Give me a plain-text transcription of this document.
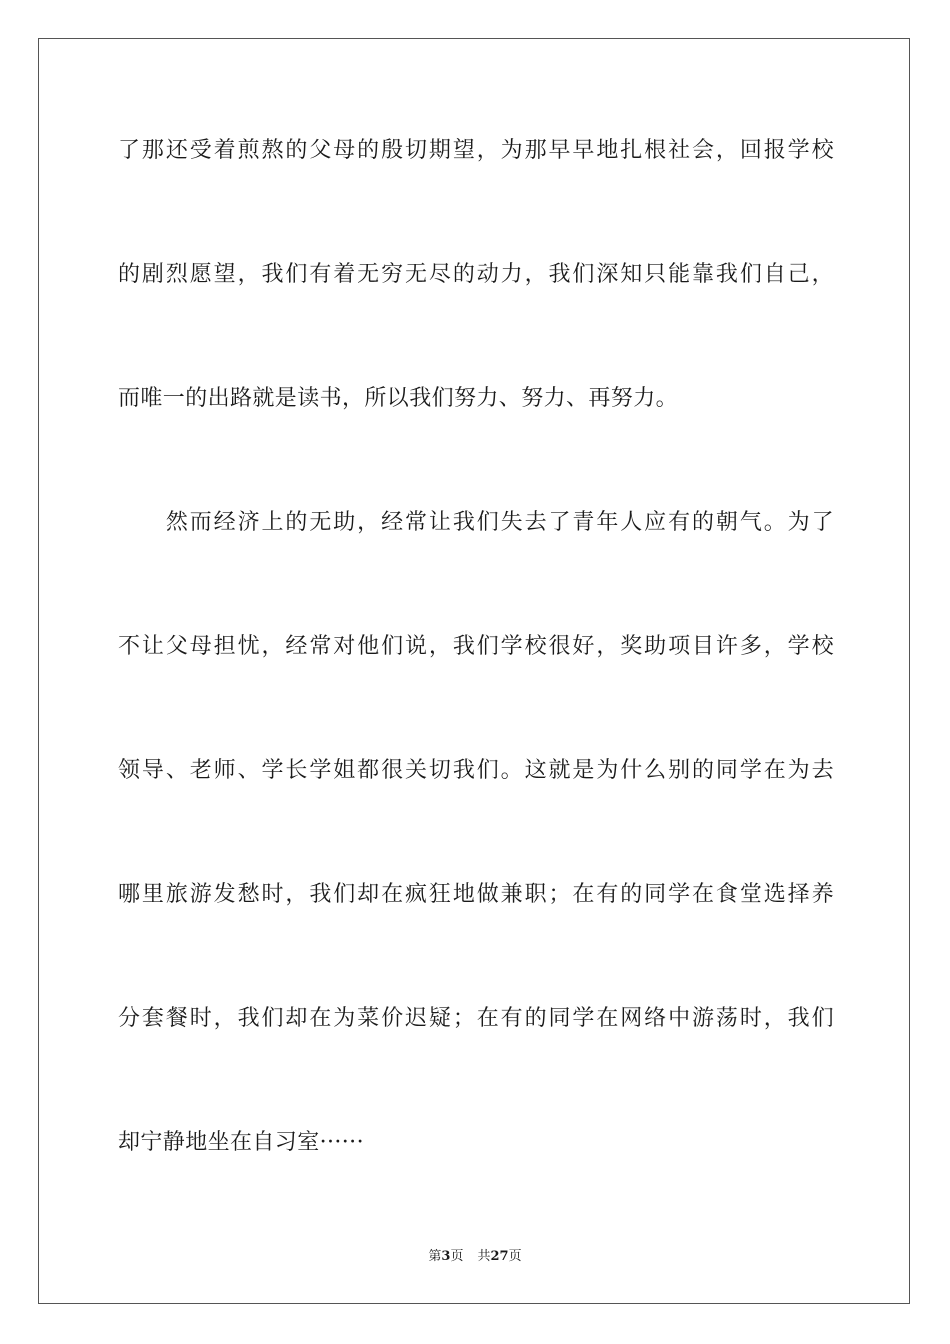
了那还受着煎熬的父母的殷切期望，为那早早地扎根社会，回报学校
的剧烈愿望，我们有着无穷无尽的动力，我们深知只能靠我们自己，
而唯一的出路就是读书，所以我们努力、努力、再努力。
　　然而经济上的无助，经常让我们失去了青年人应有的朝气。为了
不让父母担忧，经常对他们说，我们学校很好，奖助项目许多，学校
领导、老师、学长学姐都很关切我们。这就是为什么别的同学在为去
哪里旅游发愁时，我们却在疯狂地做兼职；在有的同学在食堂选择养
分套餐时，我们却在为菜价迟疑；在有的同学在网络中游荡时，我们
却宁静地坐在自习室······
第3页 共27页
